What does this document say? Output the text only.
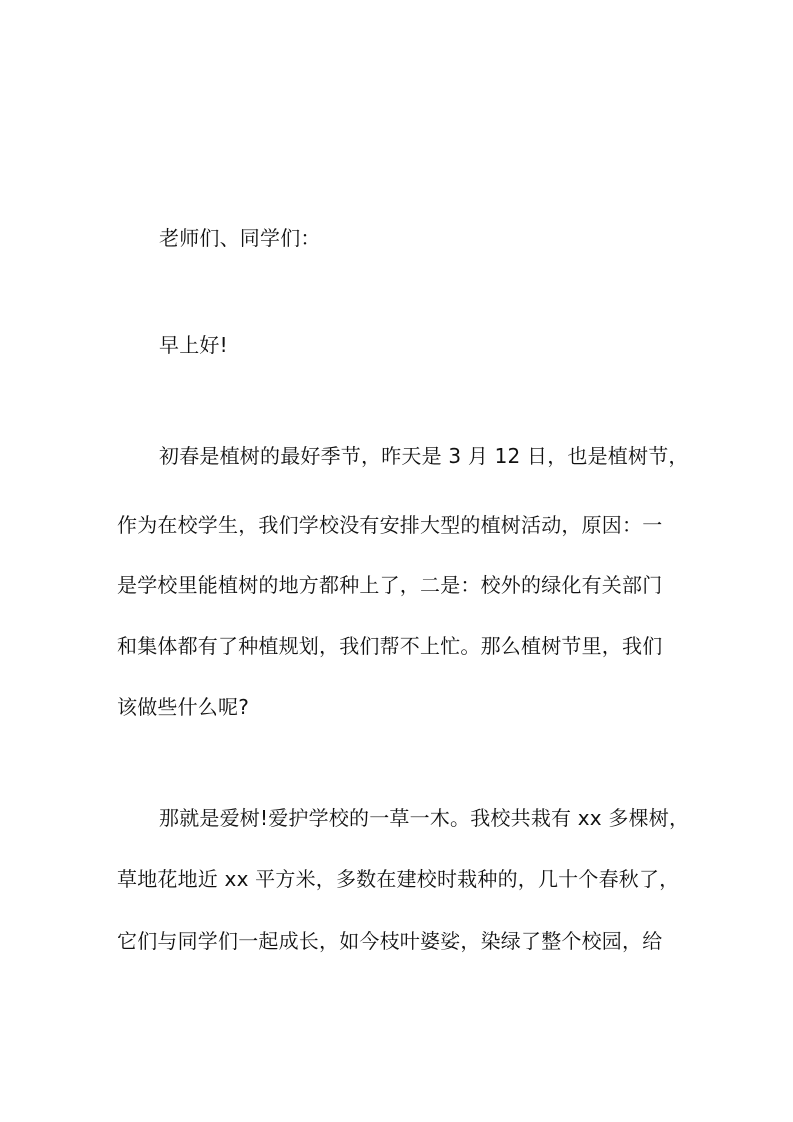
老师们、同学们：
早上好!
初春是植树的最好季节，昨天是 3 月 12 日，也是植树节，
作为在校学生，我们学校没有安排大型的植树活动，原因：一
是学校里能植树的地方都种上了，二是：校外的绿化有关部门
和集体都有了种植规划，我们帮不上忙。那么植树节里，我们
该做些什么呢?
那就是爱树!爱护学校的一草一木。我校共栽有 xx 多棵树，
草地花地近 xx 平方米，多数在建校时栽种的，几十个春秋了，
它们与同学们一起成长，如今枝叶婆娑，染绿了整个校园，给
